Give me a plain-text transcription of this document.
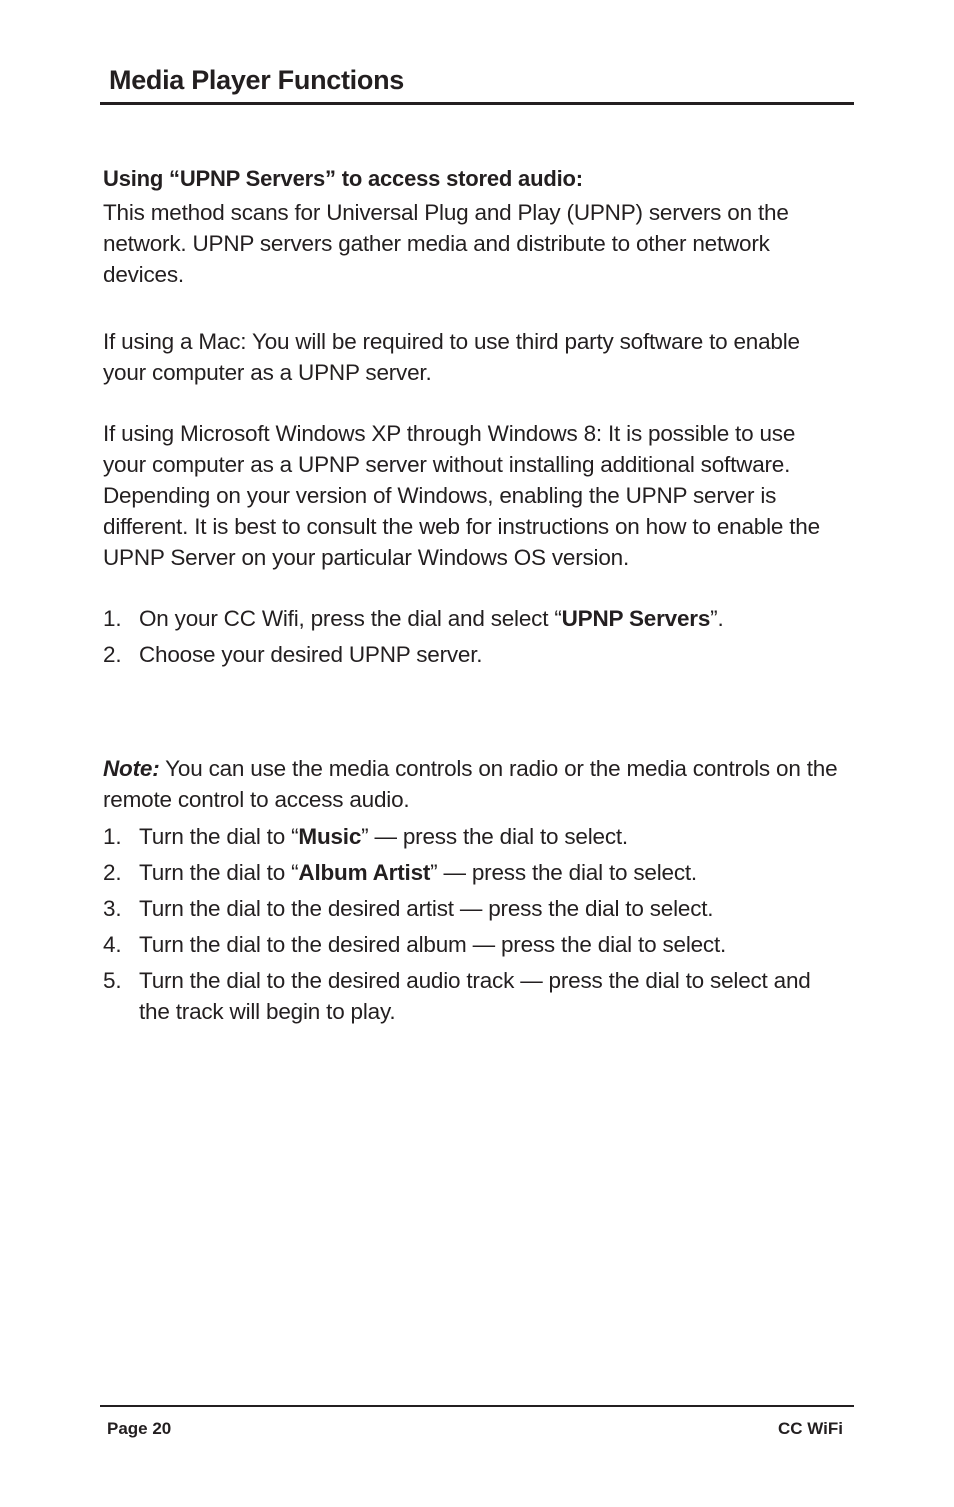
Media Player Functions
Using “UPNP Servers” to access stored audio:

This method scans for Universal Plug and Play (UPNP) servers on the network. UPNP servers gather media and distribute to other network devices.

If using a Mac: You will be required to use third party software to enable your computer as a UPNP server.

If using Microsoft Windows XP through Windows 8: It is possible to use your computer as a UPNP server without installing additional software. Depending on your version of Windows, enabling the UPNP server is different. It is best to consult the web for instructions on how to enable the UPNP Server on your particular Windows OS version.

1. On your CC Wifi, press the dial and select “UPNP Servers”.
2. Choose your desired UPNP server.

Note: You can use the media controls on radio or the media controls on the remote control to access audio.

1. Turn the dial to “Music” — press the dial to select.
2. Turn the dial to “Album Artist” — press the dial to select.
3. Turn the dial to the desired artist — press the dial to select.
4. Turn the dial to the desired album — press the dial to select.
5. Turn the dial to the desired audio track — press the dial to select and the track will begin to play.
Page 20	CC WiFi
